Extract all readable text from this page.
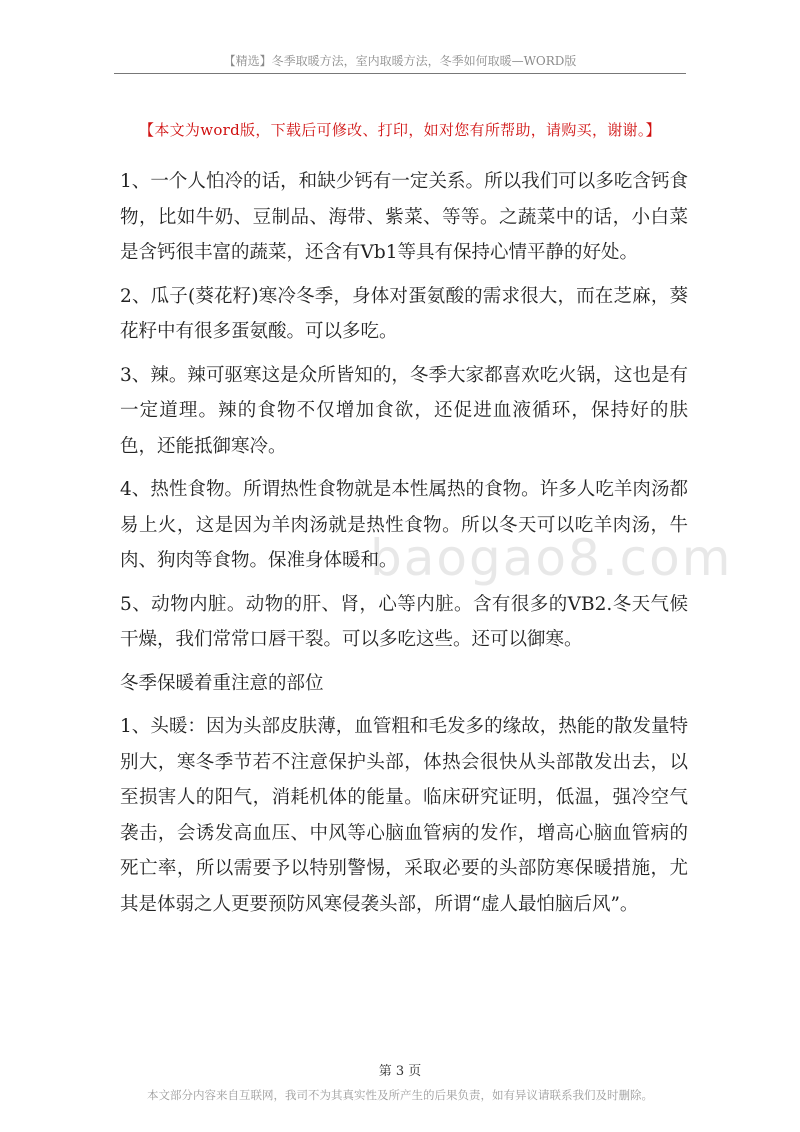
【精选】冬季取暖方法，室内取暖方法，冬季如何取暖—WORD版
【本文为word版，下载后可修改、打印，如对您有所帮助，请购买，谢谢。】
baogao8.com

1、一个人怕冷的话，和缺少钙有一定关系。所以我们可以多吃含钙食物，比如牛奶、豆制品、海带、紫菜、等等。之蔬菜中的话，小白菜是含钙很丰富的蔬菜，还含有Vb1等具有保持心情平静的好处。

2、瓜子(葵花籽)寒冷冬季，身体对蛋氨酸的需求很大，而在芝麻，葵花籽中有很多蛋氨酸。可以多吃。

3、辣。辣可驱寒这是众所皆知的，冬季大家都喜欢吃火锅，这也是有一定道理。辣的食物不仅增加食欲，还促进血液循环，保持好的肤色，还能抵御寒冷。

4、热性食物。所谓热性食物就是本性属热的食物。许多人吃羊肉汤都易上火，这是因为羊肉汤就是热性食物。所以冬天可以吃羊肉汤，牛肉、狗肉等食物。保准身体暖和。

5、动物内脏。动物的肝、肾，心等内脏。含有很多的VB2.冬天气候干燥，我们常常口唇干裂。可以多吃这些。还可以御寒。

冬季保暖着重注意的部位

1、头暖：因为头部皮肤薄，血管粗和毛发多的缘故，热能的散发量特别大，寒冬季节若不注意保护头部，体热会很快从头部散发出去，以至损害人的阳气，消耗机体的能量。临床研究证明，低温，强冷空气袭击，会诱发高血压、中风等心脑血管病的发作，增高心脑血管病的死亡率，所以需要予以特别警惕，采取必要的头部防寒保暖措施，尤其是体弱之人更要预防风寒侵袭头部，所谓“虚人最怕脑后风”。

第 3 页
本文部分内容来自互联网，我司不为其真实性及所产生的后果负责，如有异议请联系我们及时删除。
